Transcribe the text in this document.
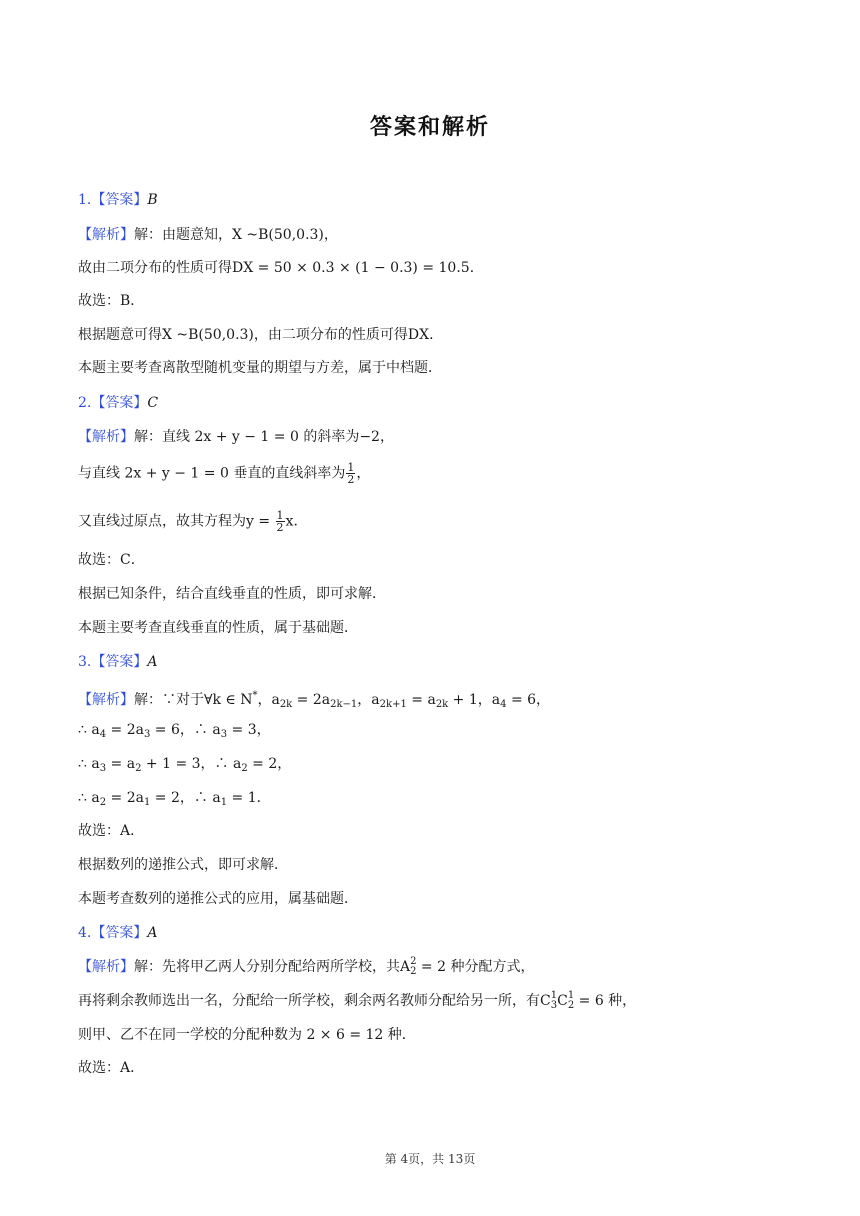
答案和解析
1.【答案】B
【解析】解：由题意知，X ~B(50,0.3)，
故由二项分布的性质可得DX = 50 × 0.3 × (1 − 0.3) = 10.5．
故选：B．
根据题意可得X ~B(50,0.3)，由二项分布的性质可得DX．
本题主要考查离散型随机变量的期望与方差，属于中档题．
2.【答案】C
【解析】解：直线 2x + y − 1 = 0 的斜率为−2，
与直线 2x + y − 1 = 0 垂直的直线斜率为 $\frac{1}{2}$ ，
又直线过原点，故其方程为$y = \frac{1}{2}$ x．
故选：C．
根据已知条件，结合直线垂直的性质，即可求解．
本题主要考查直线垂直的性质，属于基础题．
3.【答案】A
【解析】解：∵对于∀k ∈ N*，$a_{2k} = 2a_{2k-1}$，$a_{2k+1} = a_{2k} + 1$，$a_4 = 6$，
∴ $a_4 = 2a_3 = 6$，∴ $a_3 = 3$，
∴ $a_3 = a_2 + 1 = 3$，∴ $a_2 = 2$，
∴ $a_2 = 2a_1 = 2$，∴ $a_1 = 1$．
故选：A．
根据数列的递推公式，即可求解．
本题考查数列的递推公式的应用，属基础题．
4.【答案】A
【解析】解：先将甲乙两人分别分配给两所学校，共A 2
2 = 2 种分配方式，
再将剩余教师选出一名，分配给一所学校，剩余两名教师分配给另一所，有C 1
3 C 1
2 = 6 种，
则甲、乙不在同一学校的分配种数为 2 × 6 = 12 种．
故选：A．
第 4页，共 13页
